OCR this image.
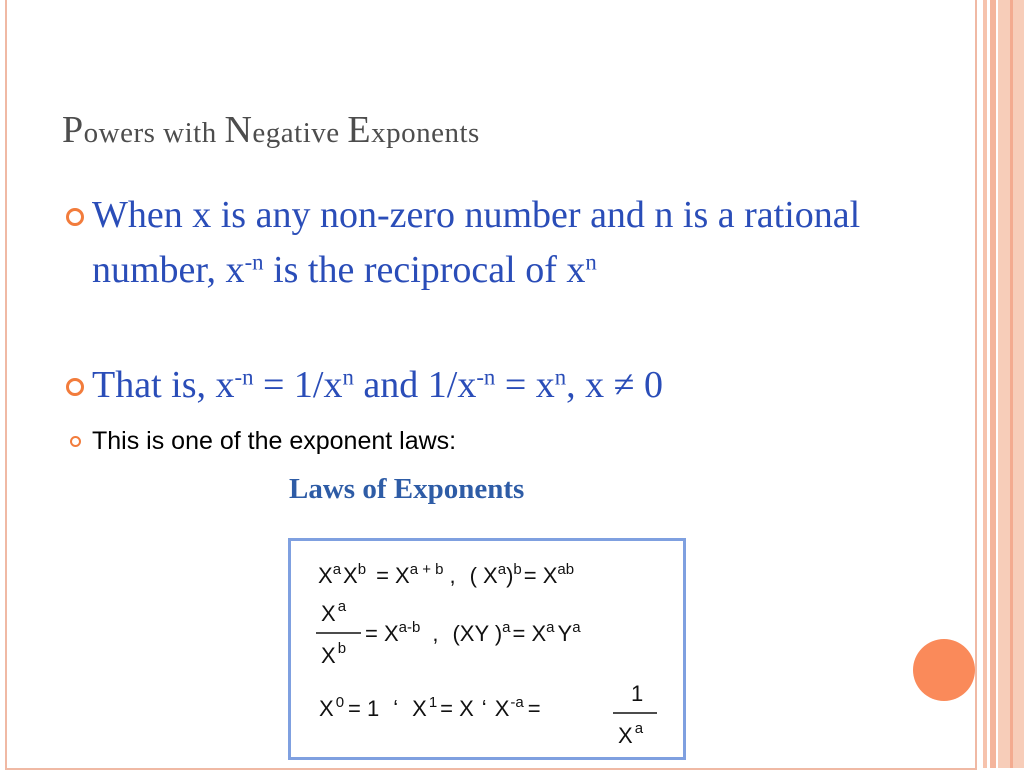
Powers with Negative Exponents
When x is any non-zero number and n is a rational number, $x^{-n}$ is the reciprocal of $x^n$
That is, $x^{-n} = 1/x^n$ and $1/x^{-n} = x^n$, x ≠ 0
This is one of the exponent laws:
Laws of Exponents
$X^aX^b = X^{a + b}$ , ( $X^a)^b= X^{ab}$
X $^a$
X $^b$
= $X^{a-b}$ , (XY )$^a= X^a$ $Y^a$
X $^0$ = 1 ʻ X $^1$ = X ʻ $X^{-a}$ =
1
X $^a$
